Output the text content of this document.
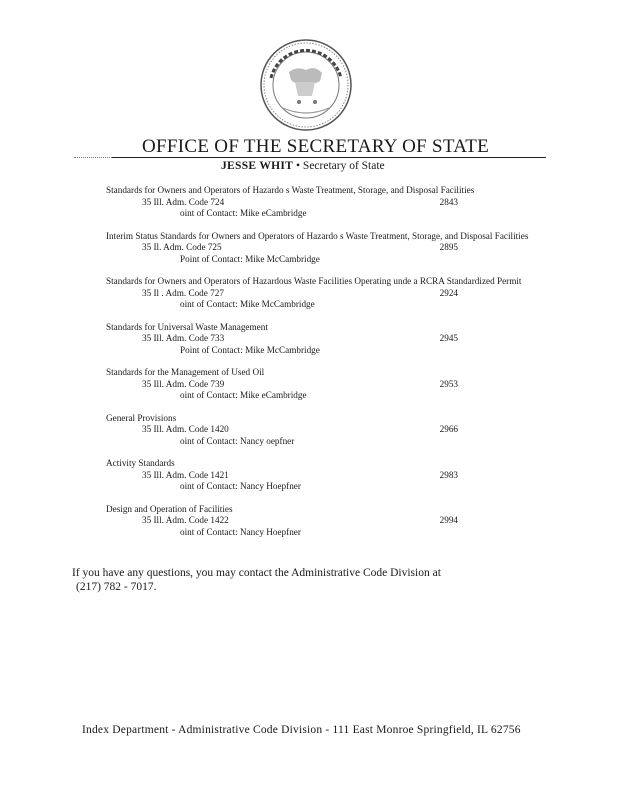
OFFICE OF THE SECRETARY OF STATE
JESSE WHIT • Secretary of State
Standards for Owners and Operators of Hazardo s Waste Treatment, Storage, and Disposal Facilities
35 Ill. Adm. Code 724	2843
oint of Contact: Mike eCambridge
Interim Status Standards for Owners and Operators of Hazardo s Waste Treatment, Storage, and Disposal Facilities
35 Il. Adm. Code 725	2895
Point of Contact: Mike McCambridge
Standards for Owners and Operators of Hazardous Waste Facilities Operating unde a RCRA Standardized Permit
35 Il . Adm. Code 727	2924
oint of Contact: Mike McCambridge
Standards for Universal Waste Management
35 Ill. Adm. Code 733	2945
Point of Contact: Mike McCambridge
Standards for the Management of Used Oil
35 Ill. Adm. Code 739	2953
oint of Contact: Mike eCambridge
General Provisions
35 Ill. Adm. Code 1420	2966
oint of Contact: Nancy oepfner
Activity Standards
35 Ill. Adm. Code 1421	2983
oint of Contact: Nancy Hoepfner
Design and Operation of Facilities
35 Ill. Adm. Code 1422	2994
oint of Contact: Nancy Hoepfner
If you have any questions, you may contact the Administrative Code Division at
(217) 782 - 7017.
Index Department - Administrative Code Division - 111 East Monroe Springfield, IL 62756
